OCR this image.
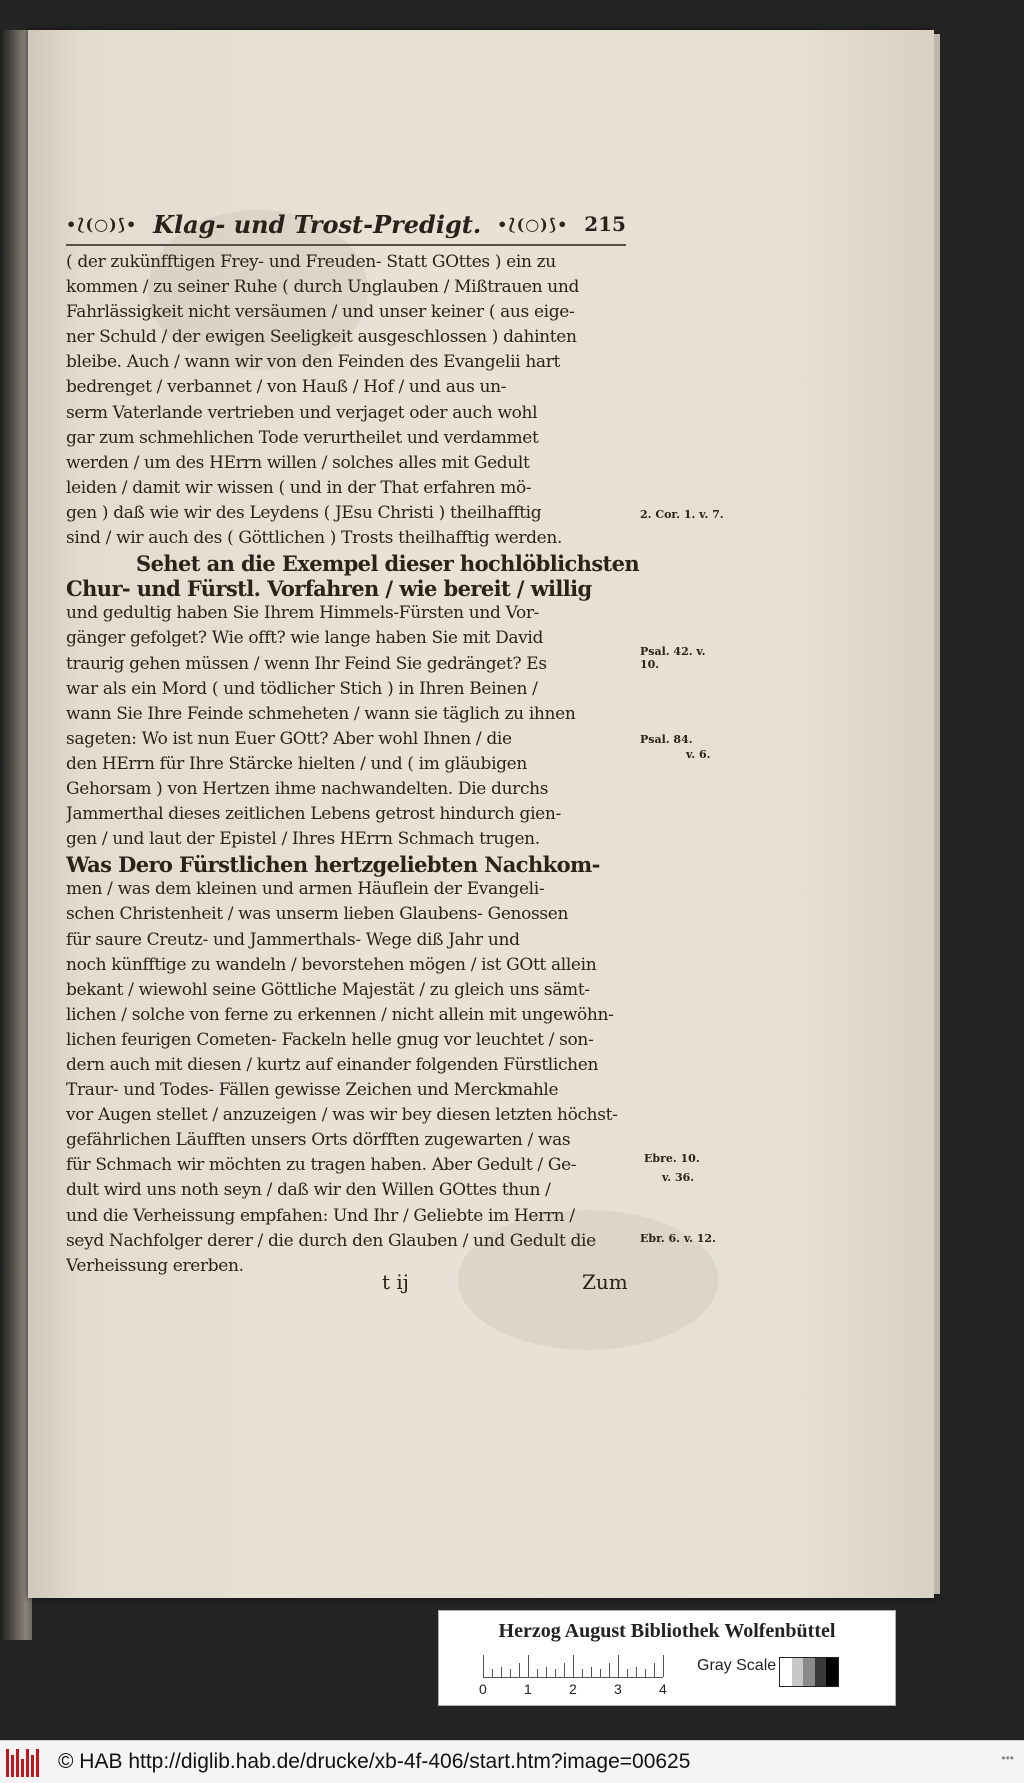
•⟅(○)⟆• Klag- und Trost-Predigt. •⟅(○)⟆• 215
( der zukünfftigen Frey- und Freuden- Statt GOttes ) ein zu
kommen / zu seiner Ruhe ( durch Unglauben / Mißtrauen und
Fahrlässigkeit nicht versäumen / und unser keiner ( aus eige-
ner Schuld / der ewigen Seeligkeit ausgeschlossen ) dahinten
bleibe. Auch / wann wir von den Feinden des Evangelii hart
bedrenget / verbannet / von Hauß / Hof / und aus un-
serm Vaterlande vertrieben und verjaget oder auch wohl
gar zum schmehlichen Tode verurtheilet und verdammet
werden / um des HErrn willen / solches alles mit Gedult
leiden / damit wir wissen ( und in der That erfahren mö-
gen ) daß wie wir des Leydens ( JEsu Christi ) theilhafftig
sind / wir auch des ( Göttlichen ) Trosts theilhafftig werden.
Sehet an die Exempel dieser hochlöblichsten
Chur- und Fürstl. Vorfahren / wie bereit / willig
und gedultig haben Sie Ihrem Himmels-Fürsten und Vor-
gänger gefolget? Wie offt? wie lange haben Sie mit David
traurig gehen müssen / wenn Ihr Feind Sie gedränget? Es
war als ein Mord ( und tödlicher Stich ) in Ihren Beinen /
wann Sie Ihre Feinde schmeheten / wann sie täglich zu ihnen
sageten: Wo ist nun Euer GOtt? Aber wohl Ihnen / die
den HErrn für Ihre Stärcke hielten / und ( im gläubigen
Gehorsam ) von Hertzen ihme nachwandelten. Die durchs
Jammerthal dieses zeitlichen Lebens getrost hindurch gien-
gen / und laut der Epistel / Ihres HErrn Schmach trugen.
Was Dero Fürstlichen hertzgeliebten Nachkom-
men / was dem kleinen und armen Häuflein der Evangeli-
schen Christenheit / was unserm lieben Glaubens- Genossen
für saure Creutz- und Jammerthals- Wege diß Jahr und
noch künfftige zu wandeln / bevorstehen mögen / ist GOtt allein
bekant / wiewohl seine Göttliche Majestät / zu gleich uns sämt-
lichen / solche von ferne zu erkennen / nicht allein mit ungewöhn-
lichen feurigen Cometen- Fackeln helle gnug vor leuchtet / son-
dern auch mit diesen / kurtz auf einander folgenden Fürstlichen
Traur- und Todes- Fällen gewisse Zeichen und Merckmahle
vor Augen stellet / anzuzeigen / was wir bey diesen letzten höchst-
gefährlichen Läufften unsers Orts dörfften zugewarten / was
für Schmach wir möchten zu tragen haben. Aber Gedult / Ge-
dult wird uns noth seyn / daß wir den Willen GOttes thun /
und die Verheissung empfahen: Und Ihr / Geliebte im Herrn /
seyd Nachfolger derer / die durch den Glauben / und Gedult die
Verheissung ererben.
t ij	Zum
2. Cor. 1. v. 7.
Psal. 42. v. 10.
Psal. 84.
v. 6.
Ebre. 10.
v. 36.
Ebr. 6. v. 12.
Herzog August Bibliothek Wolfenbüttel
0	1	2	3	4
Gray Scale
© HAB http://diglib.hab.de/drucke/xb-4f-406/start.htm?image=00625	•••
